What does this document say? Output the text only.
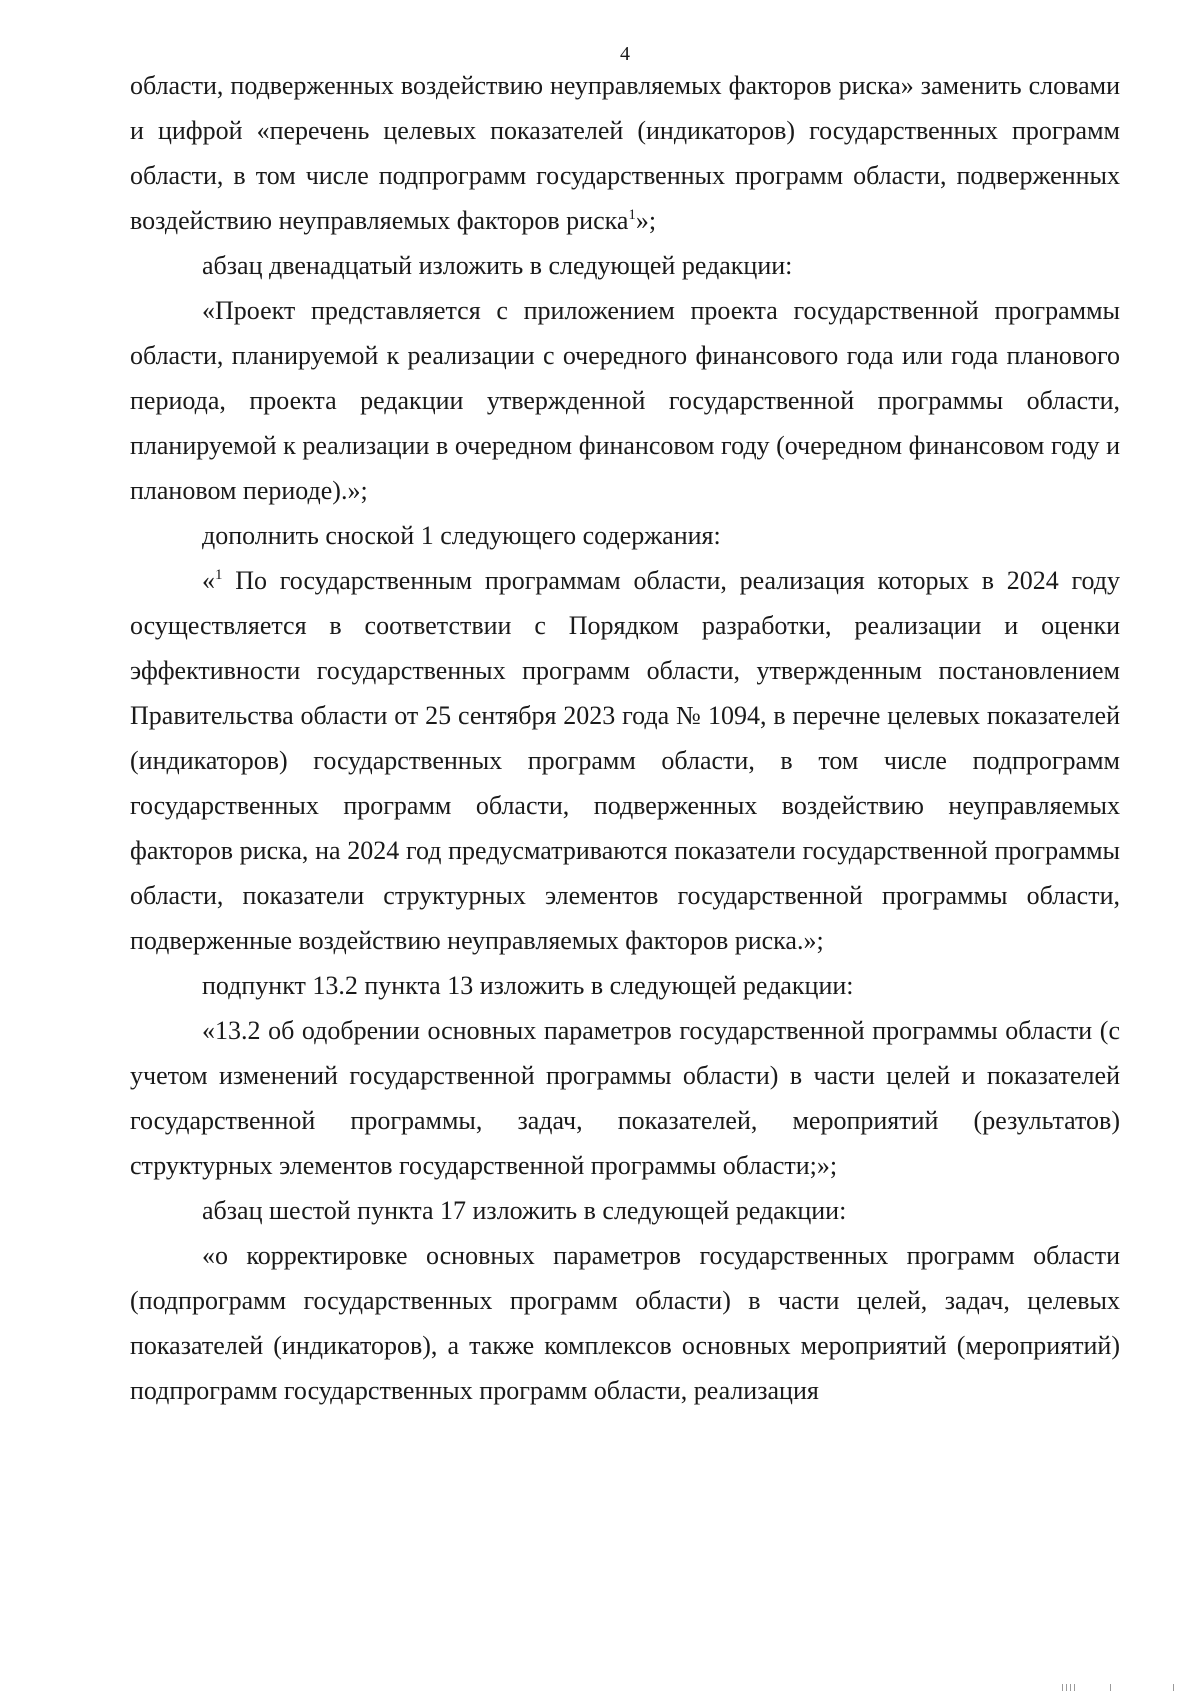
4

области, подверженных воздействию неуправляемых факторов риска» заменить словами и цифрой «перечень целевых показателей (индикаторов) государственных программ области, в том числе подпрограмм государственных программ области, подверженных воздействию неуправляемых факторов риска$^1$»;

абзац двенадцатый изложить в следующей редакции:

«Проект представляется с приложением проекта государственной программы области, планируемой к реализации с очередного финансового года или года планового периода, проекта редакции утвержденной государственной программы области, планируемой к реализации в очередном финансовом году (очередном финансовом году и плановом периоде).»;

дополнить сноской 1 следующего содержания:

«$^1$ По государственным программам области, реализация которых в 2024 году осуществляется в соответствии с Порядком разработки, реализации и оценки эффективности государственных программ области, утвержденным постановлением Правительства области от 25 сентября 2023 года № 1094, в перечне целевых показателей (индикаторов) государственных программ области, в том числе подпрограмм государственных программ области, подверженных воздействию неуправляемых факторов риска, на 2024 год предусматриваются показатели государственной программы области, показатели структурных элементов государственной программы области, подверженные воздействию неуправляемых факторов риска.»;

подпункт 13.2 пункта 13 изложить в следующей редакции:

«13.2 об одобрении основных параметров государственной программы области (с учетом изменений государственной программы области) в части целей и показателей государственной программы, задач, показателей, мероприятий (результатов) структурных элементов государственной программы области;»;

абзац шестой пункта 17 изложить в следующей редакции:

«о корректировке основных параметров государственных программ области (подпрограмм государственных программ области) в части целей, задач, целевых показателей (индикаторов), а также комплексов основных мероприятий (мероприятий) подпрограмм государственных программ области, реализация
